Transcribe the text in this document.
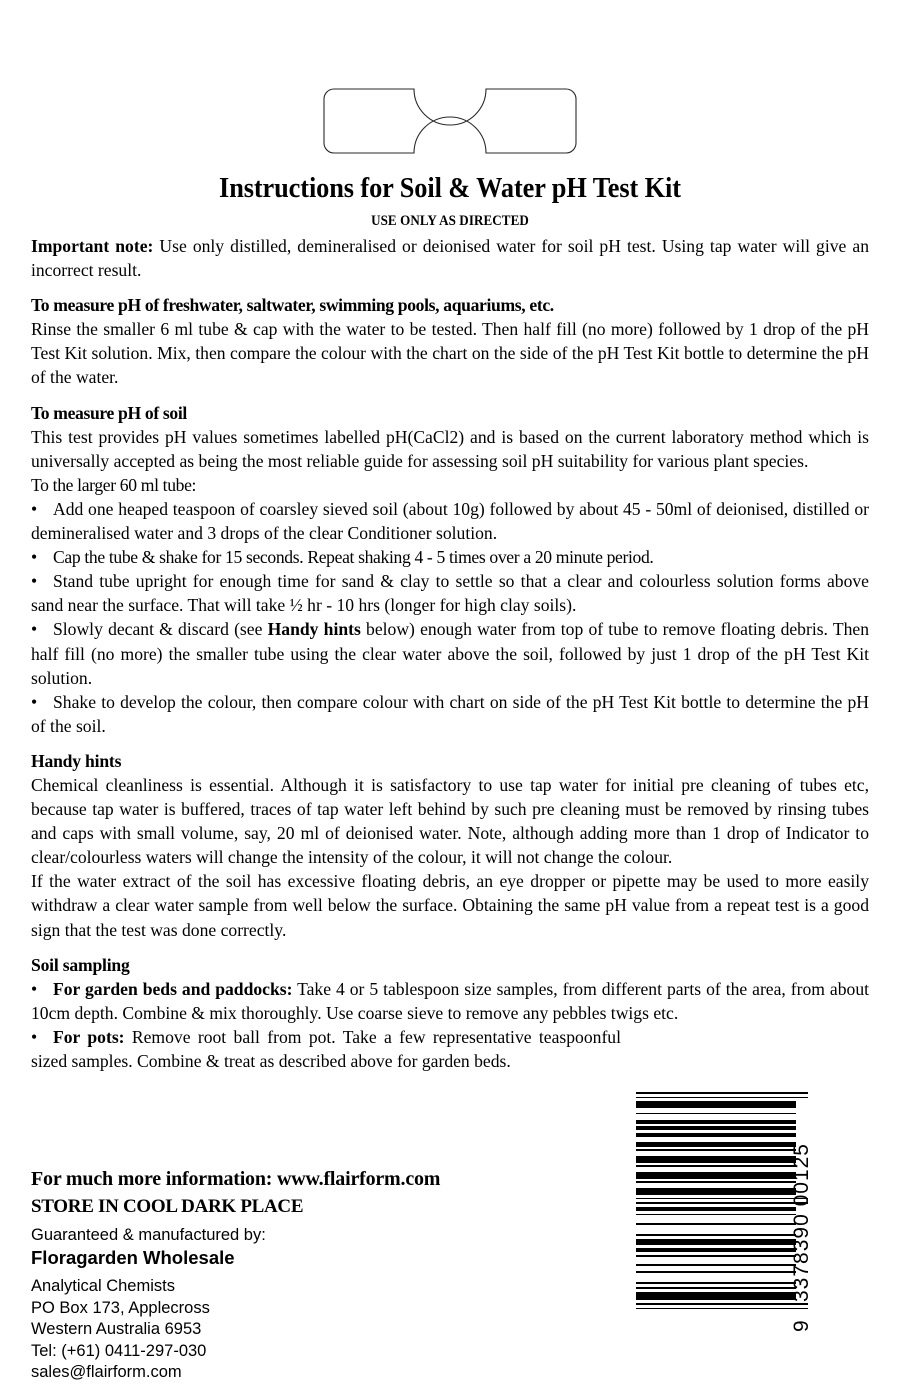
Instructions for Soil & Water pH Test Kit
USE ONLY AS DIRECTED

Important note: Use only distilled, demineralised or deionised water for soil pH test. Using tap water will give an incorrect result.

To measure pH of freshwater, saltwater, swimming pools, aquariums, etc.

Rinse the smaller 6 ml tube & cap with the water to be tested. Then half fill (no more) followed by 1 drop of the pH Test Kit solution. Mix, then compare the colour with the chart on the side of the pH Test Kit bottle to determine the pH of the water.

To measure pH of soil

This test provides pH values sometimes labelled pH(CaCl2) and is based on the current laboratory method which is universally accepted as being the most reliable guide for assessing soil pH suitability for various plant species.

To the larger 60 ml tube:

• Add one heaped teaspoon of coarsley sieved soil (about 10g) followed by about 45 - 50ml of deionised, distilled or demineralised water and 3 drops of the clear Conditioner solution.

• Cap the tube & shake for 15 seconds. Repeat shaking 4 - 5 times over a 20 minute period.

• Stand tube upright for enough time for sand & clay to settle so that a clear and colourless solution forms above sand near the surface. That will take ½ hr - 10 hrs (longer for high clay soils).

• Slowly decant & discard (see Handy hints below) enough water from top of tube to remove floating debris. Then half fill (no more) the smaller tube using the clear water above the soil, followed by just 1 drop of the pH Test Kit solution.

• Shake to develop the colour, then compare colour with chart on side of the pH Test Kit bottle to determine the pH of the soil.

Handy hints

Chemical cleanliness is essential. Although it is satisfactory to use tap water for initial pre cleaning of tubes etc, because tap water is buffered, traces of tap water left behind by such pre cleaning must be removed by rinsing tubes and caps with small volume, say, 20 ml of deionised water. Note, although adding more than 1 drop of Indicator to clear/colourless waters will change the intensity of the colour, it will not change the colour.

If the water extract of the soil has excessive floating debris, an eye dropper or pipette may be used to more easily withdraw a clear water sample from well below the surface. Obtaining the same pH value from a repeat test is a good sign that the test was done correctly.

Soil sampling

• For garden beds and paddocks: Take 4 or 5 tablespoon size samples, from different parts of the area, from about 10cm depth. Combine & mix thoroughly. Use coarse sieve to remove any pebbles twigs etc.

• For pots: Remove root ball from pot. Take a few representative teaspoonful sized samples. Combine & treat as described above for garden beds.

For much more information: www.flairform.com
STORE IN COOL DARK PLACE
Guaranteed & manufactured by:
Floragarden Wholesale
Analytical Chemists
PO Box 173, Applecross
Western Australia 6953
Tel: (+61) 0411-297-030
sales@flairform.com
3378390 00125
9
